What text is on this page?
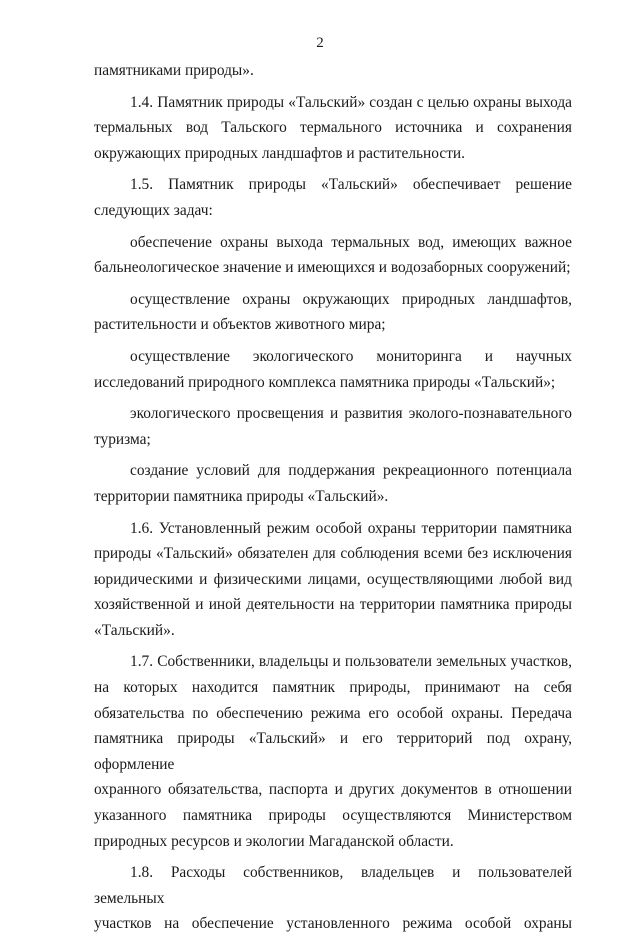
2

памятниками природы».

1.4. Памятник природы «Тальский» создан с целью охраны выхода

термальных вод Тальского термального источника и сохранения

окружающих природных ландшафтов и растительности.

1.5. Памятник природы «Тальский» обеспечивает решение

следующих задач:

обеспечение охраны выхода термальных вод, имеющих важное

бальнеологическое значение и имеющихся и водозаборных сооружений;

осуществление охраны окружающих природных ландшафтов,

растительности и объектов животного мира;

осуществление экологического мониторинга и научных

исследований природного комплекса памятника природы «Тальский»;

экологического просвещения и развития эколого-познавательного

туризма;

создание условий для поддержания рекреационного потенциала

территории памятника природы «Тальский».

1.6. Установленный режим особой охраны территории памятника

природы «Тальский» обязателен для соблюдения всеми без исключения

юридическими и физическими лицами, осуществляющими любой вид

хозяйственной и иной деятельности на территории памятника природы

«Тальский».

1.7. Собственники, владельцы и пользователи земельных участков,

на которых находится памятник природы, принимают на себя

обязательства по обеспечению режима его особой охраны. Передача

памятника природы «Тальский» и его территорий под охрану, оформление

охранного обязательства, паспорта и других документов в отношении

указанного памятника природы осуществляются Министерством

природных ресурсов и экологии Магаданской области.

1.8. Расходы собственников, владельцев и пользователей земельных

участков на обеспечение установленного режима особой охраны
